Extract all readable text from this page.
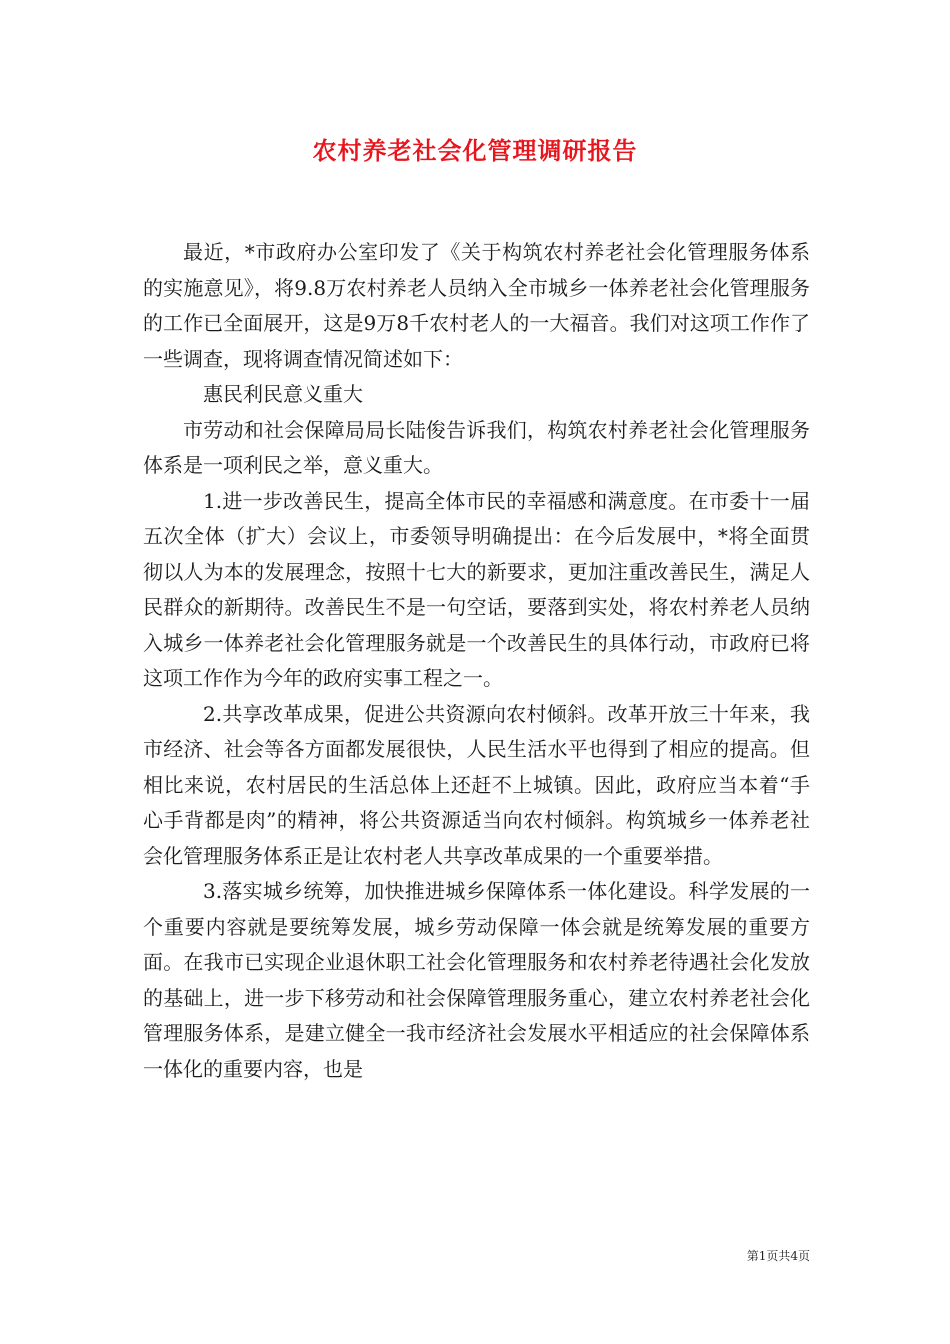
农村养老社会化管理调研报告

最近，*市政府办公室印发了《关于构筑农村养老社会化管理服务体系的实施意见》，将9.8万农村养老人员纳入全市城乡一体养老社会化管理服务的工作已全面展开，这是9万8千农村老人的一大福音。我们对这项工作作了一些调查，现将调查情况简述如下：

惠民利民意义重大

市劳动和社会保障局局长陆俊告诉我们，构筑农村养老社会化管理服务体系是一项利民之举，意义重大。

1.进一步改善民生，提高全体市民的幸福感和满意度。在市委十一届五次全体（扩大）会议上，市委领导明确提出：在今后发展中，*将全面贯彻以人为本的发展理念，按照十七大的新要求，更加注重改善民生，满足人民群众的新期待。改善民生不是一句空话，要落到实处，将农村养老人员纳入城乡一体养老社会化管理服务就是一个改善民生的具体行动，市政府已将这项工作作为今年的政府实事工程之一。

2.共享改革成果，促进公共资源向农村倾斜。改革开放三十年来，我市经济、社会等各方面都发展很快，人民生活水平也得到了相应的提高。但相比来说，农村居民的生活总体上还赶不上城镇。因此，政府应当本着“手心手背都是肉”的精神，将公共资源适当向农村倾斜。构筑城乡一体养老社会化管理服务体系正是让农村老人共享改革成果的一个重要举措。

3.落实城乡统筹，加快推进城乡保障体系一体化建设。科学发展的一个重要内容就是要统筹发展，城乡劳动保障一体会就是统筹发展的重要方面。在我市已实现企业退休职工社会化管理服务和农村养老待遇社会化发放的基础上，进一步下移劳动和社会保障管理服务重心，建立农村养老社会化管理服务体系，是建立健全一我市经济社会发展水平相适应的社会保障体系一体化的重要内容，也是

第1页共4页
